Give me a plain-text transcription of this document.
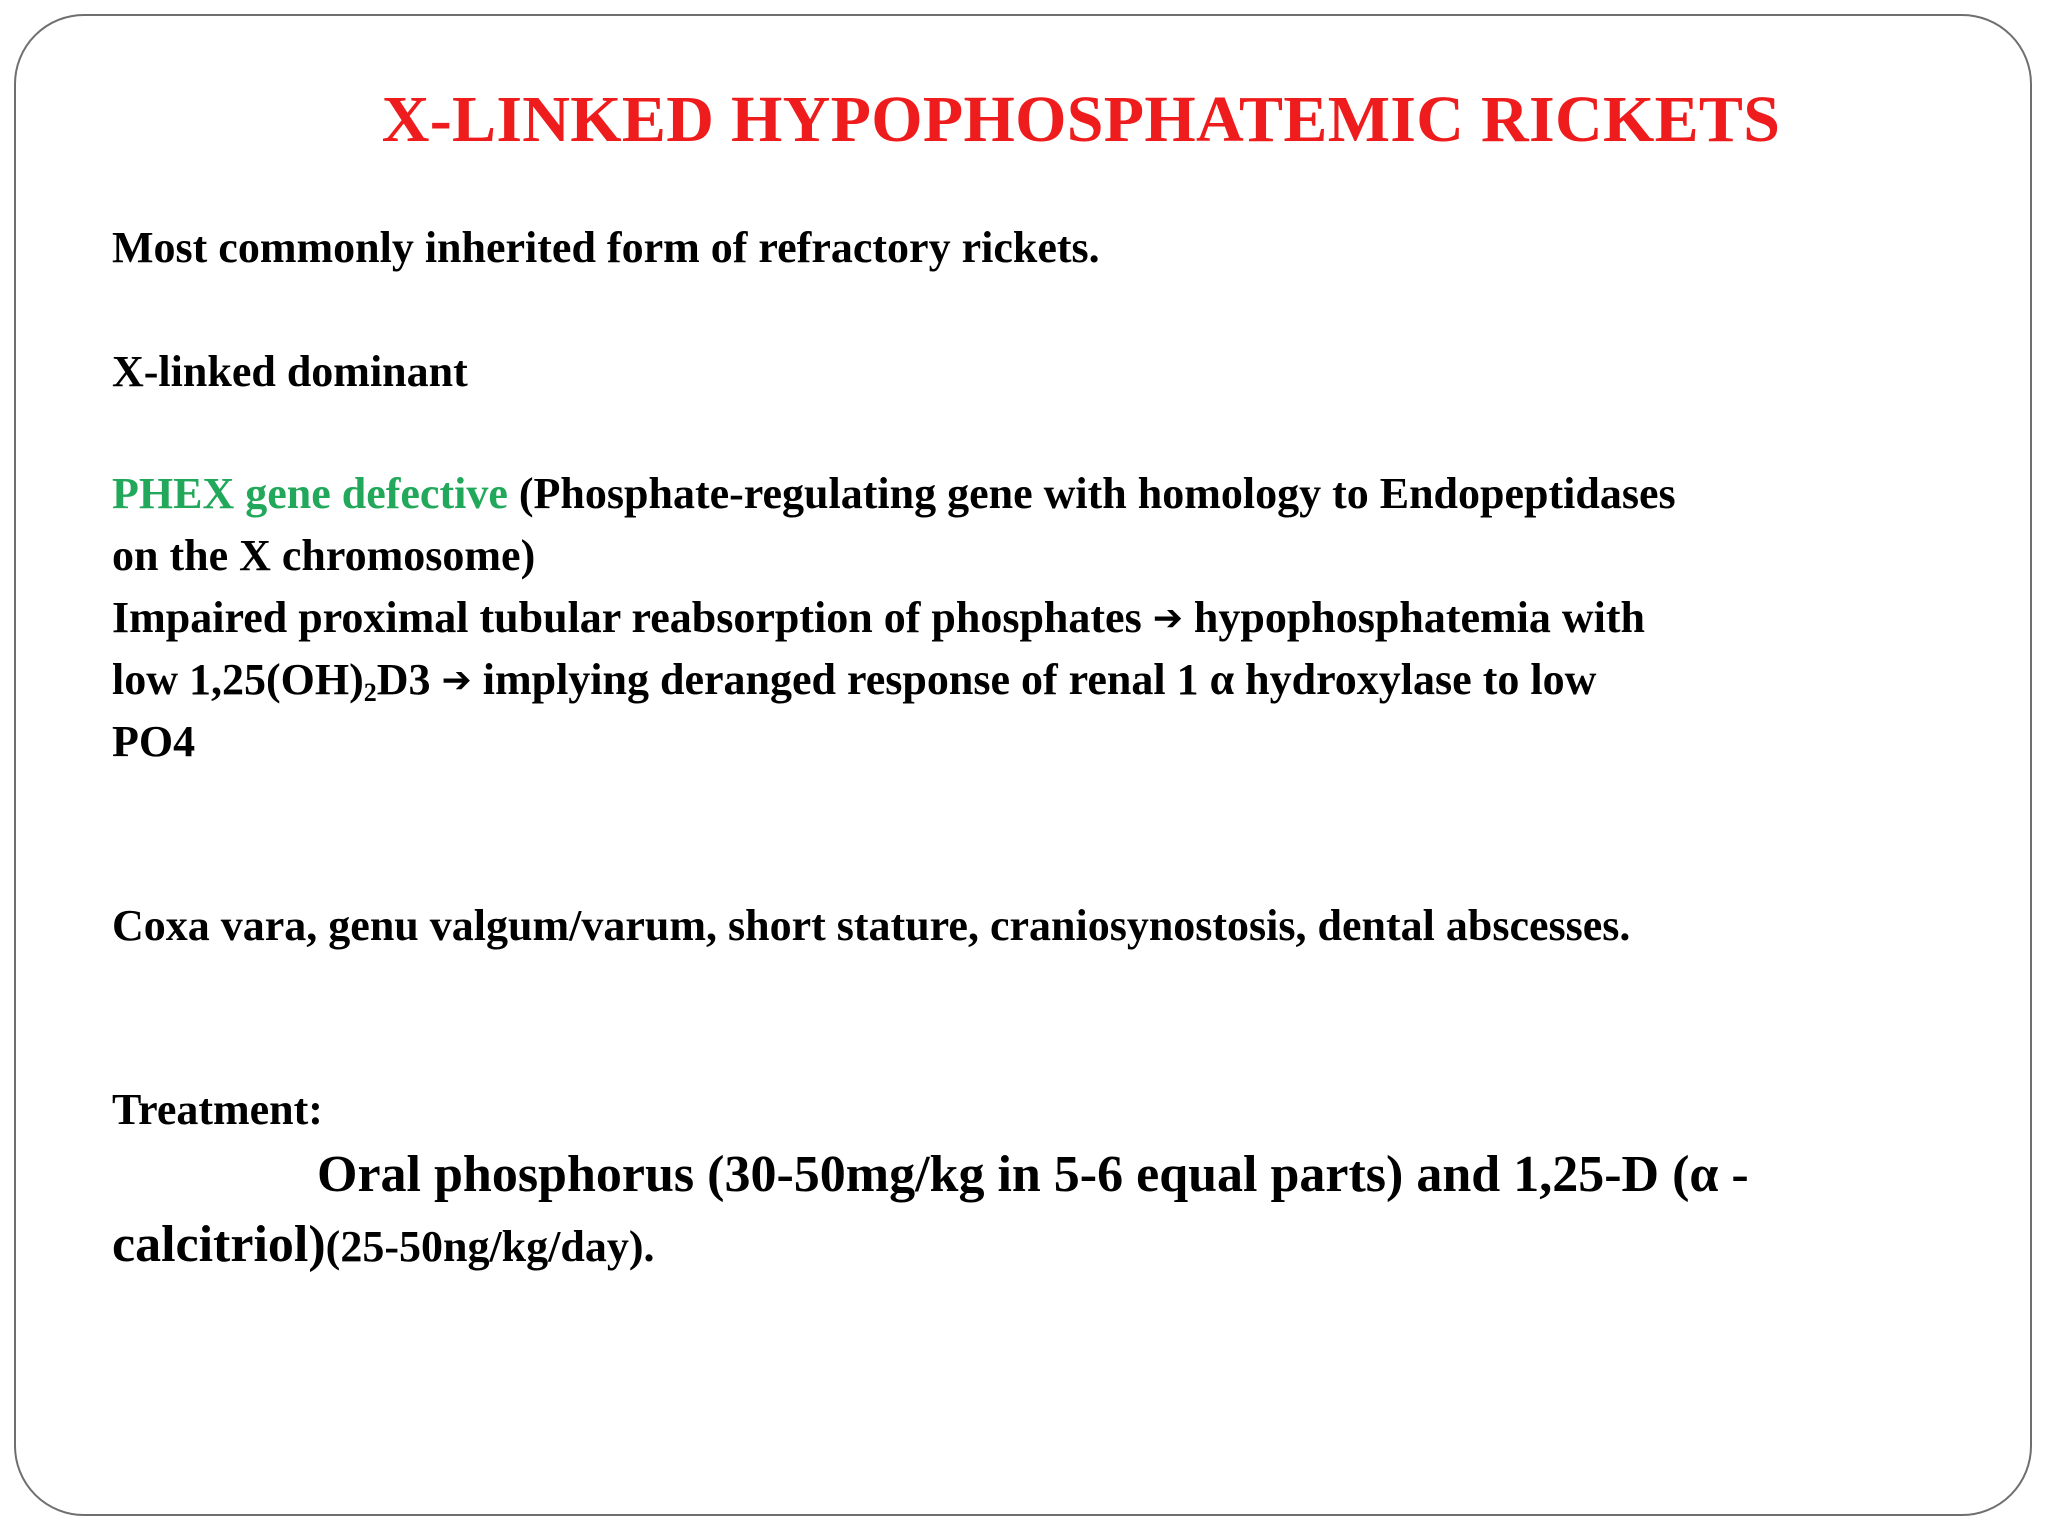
X-LINKED HYPOPHOSPHATEMIC RICKETS

Most commonly inherited form of refractory rickets.

X-linked dominant

PHEX gene defective (Phosphate-regulating gene with homology to Endopeptidases

on the X chromosome)

Impaired proximal tubular reabsorption of phosphates ➔ hypophosphatemia with

low 1,25(OH)2D3 ➔ implying deranged response of renal 1 α hydroxylase to low

PO4

Coxa vara, genu valgum/varum, short stature, craniosynostosis, dental abscesses.

Treatment:

Oral phosphorus (30-50mg/kg in 5-6 equal parts) and 1,25-D (α -

calcitriol)(25-50ng/kg/day).
